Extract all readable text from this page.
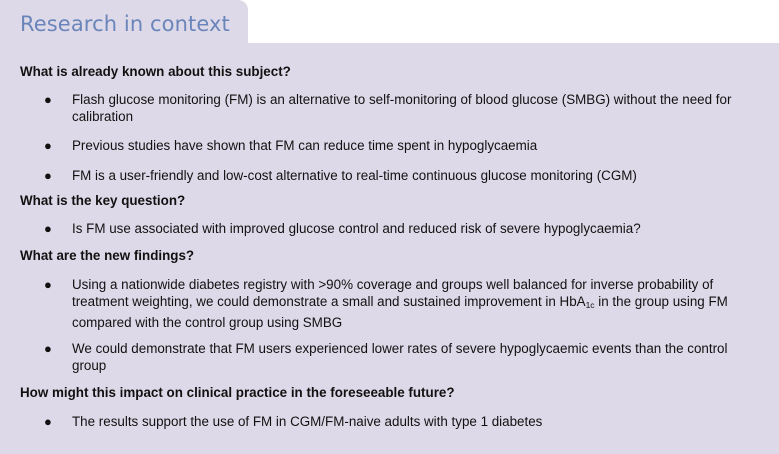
Research in context
What is already known about this subject?
● Flash glucose monitoring (FM) is an alternative to self-monitoring of blood glucose (SMBG) without the need for calibration
● Previous studies have shown that FM can reduce time spent in hypoglycaemia
● FM is a user-friendly and low-cost alternative to real-time continuous glucose monitoring (CGM)
What is the key question?
● Is FM use associated with improved glucose control and reduced risk of severe hypoglycaemia?
What are the new findings?
● Using a nationwide diabetes registry with >90% coverage and groups well balanced for inverse probability of treatment weighting, we could demonstrate a small and sustained improvement in HbA$_{1c}$ in the group using FM compared with the control group using SMBG
● We could demonstrate that FM users experienced lower rates of severe hypoglycaemic events than the control group
How might this impact on clinical practice in the foreseeable future?
● The results support the use of FM in CGM/FM-naive adults with type 1 diabetes
